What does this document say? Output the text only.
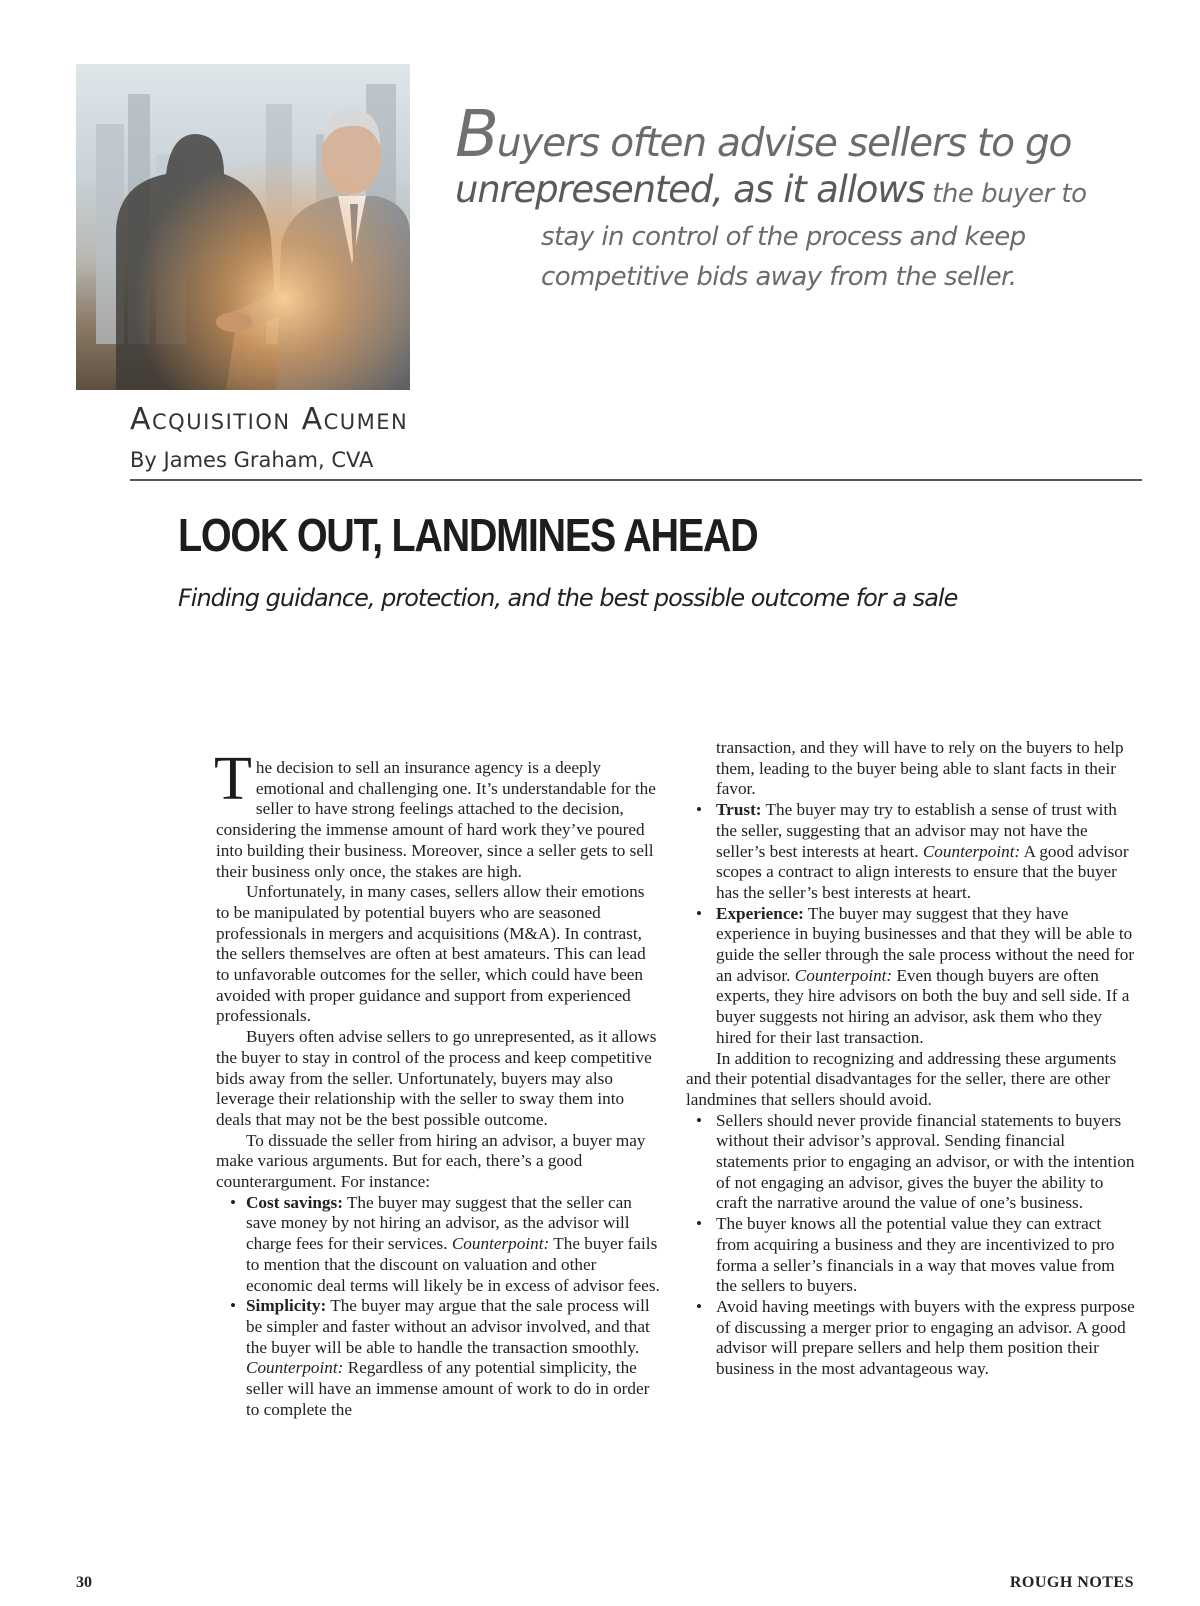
Buyers often advise sellers to go
unrepresented, as it allows the buyer to
stay in control of the process and keep
competitive bids away from the seller.
Acquisition Acumen
By James Graham, CVA
LOOK OUT, LANDMINES AHEAD
Finding guidance, protection, and the best possible outcome for a sale

The decision to sell an insurance agency is a deeply emotional and challenging one. It’s understandable for the seller to have strong feelings attached to the decision, considering the immense amount of hard work they’ve poured into building their business. Moreover, since a seller gets to sell their business only once, the stakes are high.

Unfortunately, in many cases, sellers allow their emotions to be manipulated by potential buyers who are seasoned professionals in mergers and acquisitions (M&A). In contrast, the sellers themselves are often at best amateurs. This can lead to unfavorable outcomes for the seller, which could have been avoided with proper guidance and support from experienced professionals.

Buyers often advise sellers to go unrepresented, as it allows the buyer to stay in control of the process and keep competitive bids away from the seller. Unfortunately, buyers may also leverage their relationship with the seller to sway them into deals that may not be the best possible outcome.

To dissuade the seller from hiring an advisor, a buyer may make various arguments. But for each, there’s a good counterargument. For instance:

• Cost savings: The buyer may suggest that the seller can save money by not hiring an advisor, as the advisor will charge fees for their services. Counterpoint: The buyer fails to mention that the discount on valuation and other economic deal terms will likely be in excess of advisor fees.
• Simplicity: The buyer may argue that the sale process will be simpler and faster without an advisor involved, and that the buyer will be able to handle the transaction smoothly. Counterpoint: Regardless of any potential simplicity, the seller will have an immense amount of work to do in order to complete the

transaction, and they will have to rely on the buyers to help them, leading to the buyer being able to slant facts in their favor.

• Trust: The buyer may try to establish a sense of trust with the seller, suggesting that an advisor may not have the seller’s best interests at heart. Counterpoint: A good advisor scopes a contract to align interests to ensure that the buyer has the seller’s best interests at heart.
• Experience: The buyer may suggest that they have experience in buying businesses and that they will be able to guide the seller through the sale process without the need for an advisor. Counterpoint: Even though buyers are often experts, they hire advisors on both the buy and sell side. If a buyer suggests not hiring an advisor, ask them who they hired for their last transaction.

In addition to recognizing and addressing these arguments and their potential disadvantages for the seller, there are other landmines that sellers should avoid.

• Sellers should never provide financial statements to buyers without their advisor’s approval. Sending financial statements prior to engaging an advisor, or with the intention of not engaging an advisor, gives the buyer the ability to craft the narrative around the value of one’s business.
• The buyer knows all the potential value they can extract from acquiring a business and they are incentivized to pro forma a seller’s financials in a way that moves value from the sellers to buyers.
• Avoid having meetings with buyers with the express purpose of discussing a merger prior to engaging an advisor. A good advisor will prepare sellers and help them position their business in the most advantageous way.
30	ROUGH NOTES
